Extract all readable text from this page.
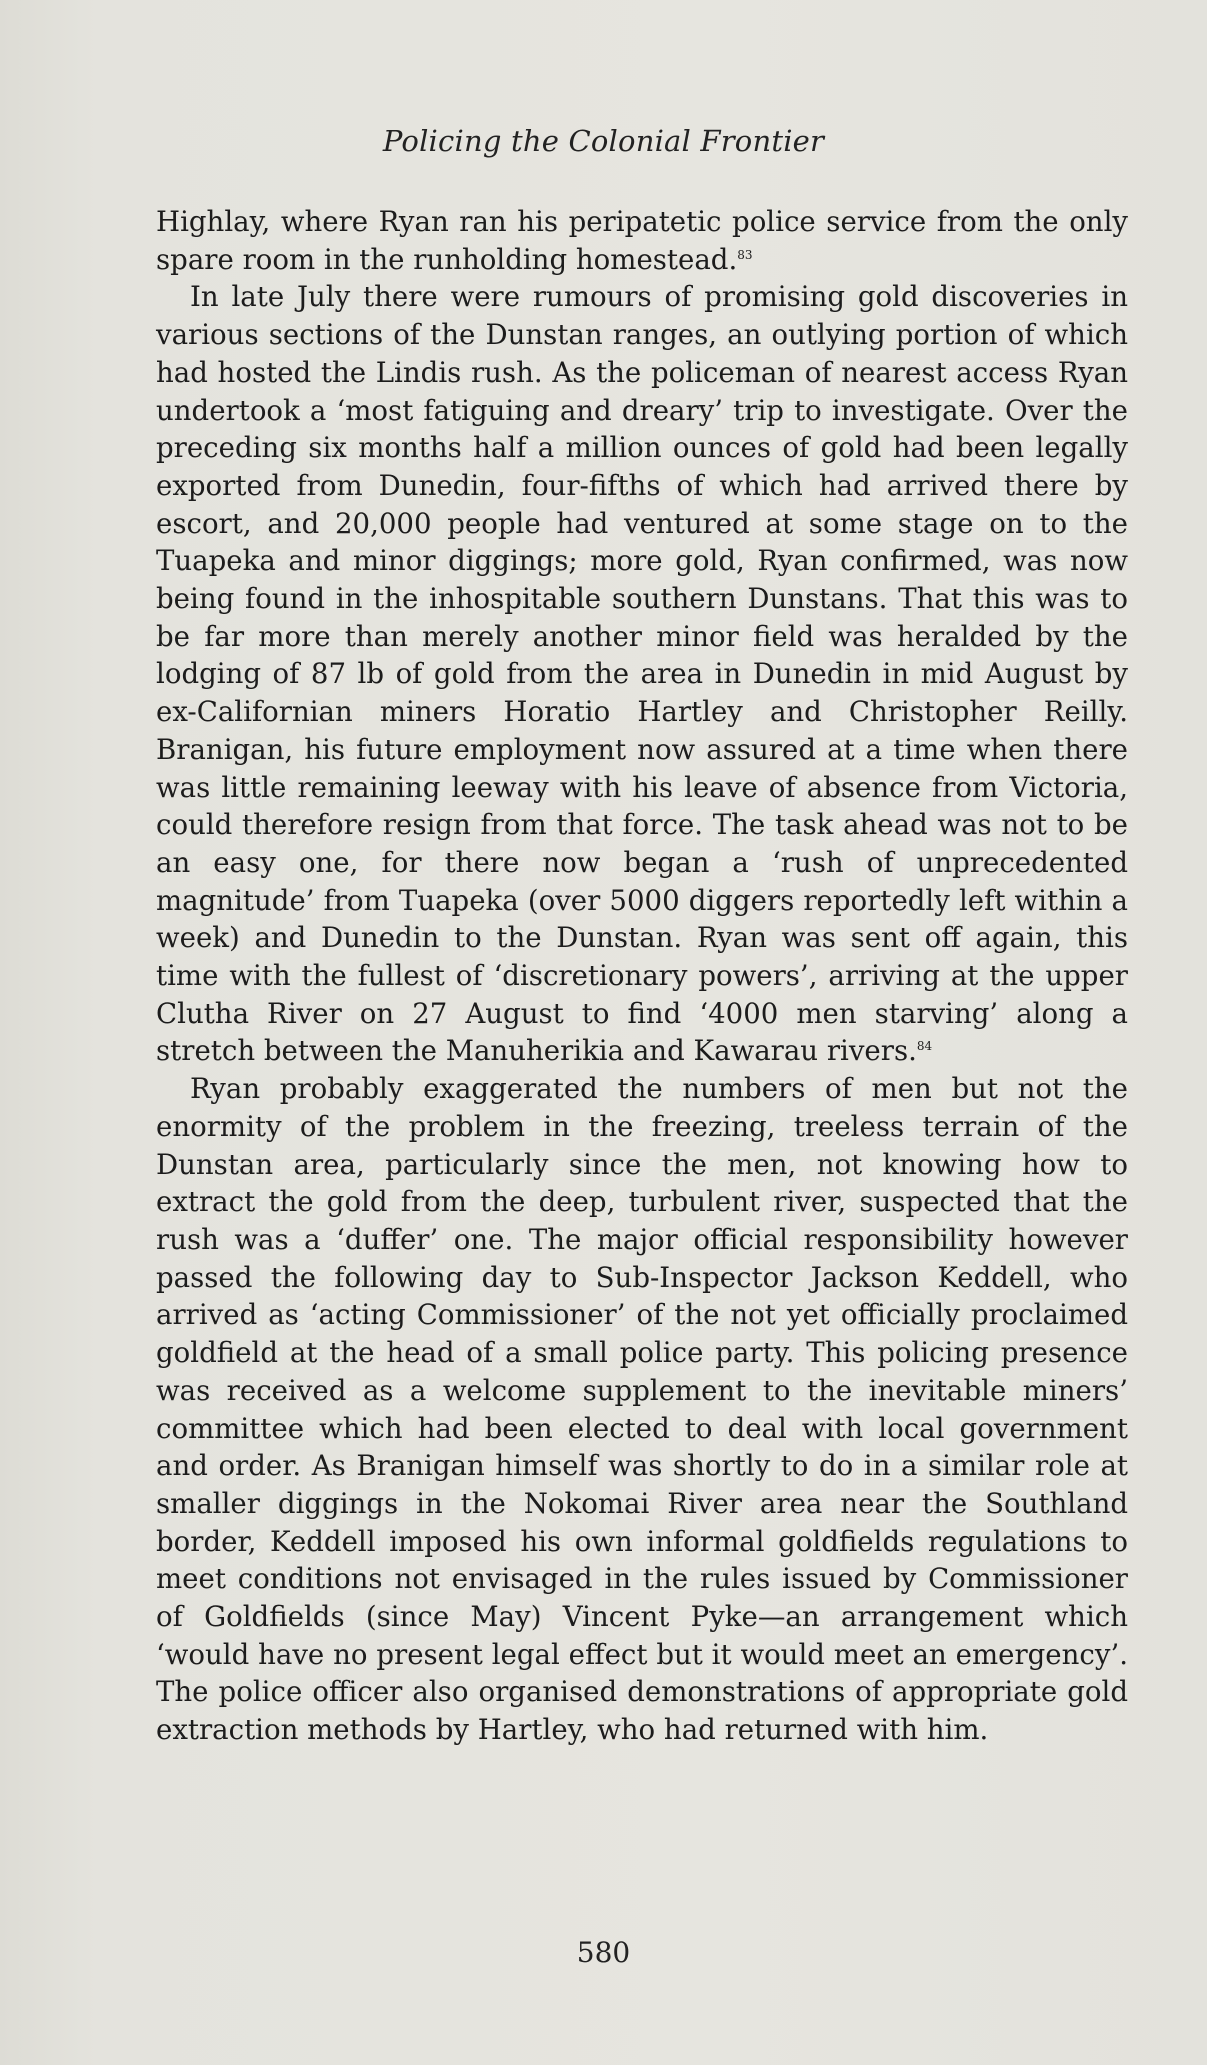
Policing the Colonial Frontier

Highlay, where Ryan ran his peripatetic police service from the only spare room in the runholding homestead.$^{83}$

In late July there were rumours of promising gold discoveries in various sections of the Dunstan ranges, an outlying portion of which had hosted the Lindis rush. As the policeman of nearest access Ryan undertook a ‘most fatiguing and dreary’ trip to investigate. Over the preceding six months half a million ounces of gold had been legally exported from Dunedin, four-fifths of which had arrived there by escort, and 20,000 people had ventured at some stage on to the Tuapeka and minor diggings; more gold, Ryan confirmed, was now being found in the inhospitable southern Dunstans. That this was to be far more than merely another minor field was heralded by the lodging of 87 lb of gold from the area in Dunedin in mid August by ex-Californian miners Horatio Hartley and Christopher Reilly. Branigan, his future employment now assured at a time when there was little remaining leeway with his leave of absence from Victoria, could therefore resign from that force. The task ahead was not to be an easy one, for there now began a ‘rush of unprecedented magnitude’ from Tuapeka (over 5000 diggers reportedly left within a week) and Dunedin to the Dunstan. Ryan was sent off again, this time with the fullest of ‘discretionary powers’, arriving at the upper Clutha River on 27 August to find ‘4000 men starving’ along a stretch between the Manuherikia and Kawarau rivers.$^{84}$

Ryan probably exaggerated the numbers of men but not the enormity of the problem in the freezing, treeless terrain of the Dunstan area, particularly since the men, not knowing how to extract the gold from the deep, turbulent river, suspected that the rush was a ‘duffer’ one. The major official responsibility however passed the following day to Sub-Inspector Jackson Keddell, who arrived as ‘acting Commissioner’ of the not yet officially proclaimed goldfield at the head of a small police party. This policing presence was received as a welcome supplement to the inevitable miners’ committee which had been elected to deal with local government and order. As Branigan himself was shortly to do in a similar role at smaller diggings in the Nokomai River area near the Southland border, Keddell imposed his own informal goldfields regulations to meet conditions not envisaged in the rules issued by Commissioner of Goldfields (since May) Vincent Pyke—an arrangement which ‘would have no present legal effect but it would meet an emergency’. The police officer also organised demonstrations of appropriate gold extraction methods by Hartley, who had returned with him.

580
